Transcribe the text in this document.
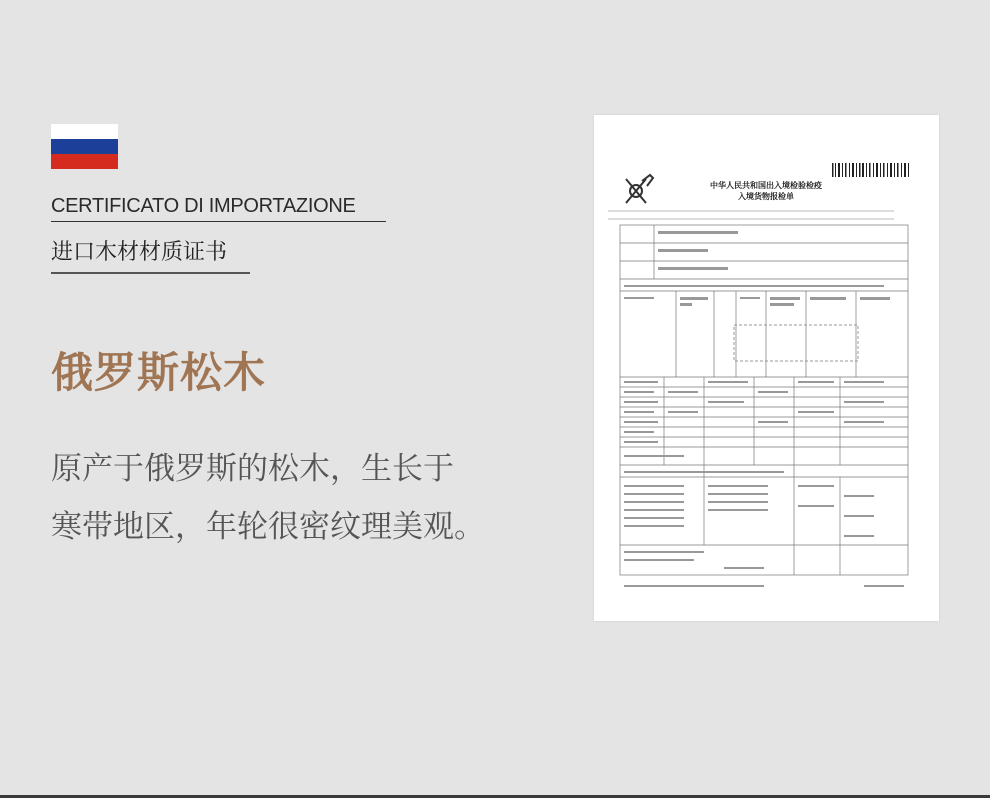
CERTIFICATO DI IMPORTAZIONE
进口木材材质证书
俄罗斯松木
原产于俄罗斯的松木，生长于
寒带地区，年轮很密纹理美观。
中华人民共和国出入境检验检疫
入境货物报检单
